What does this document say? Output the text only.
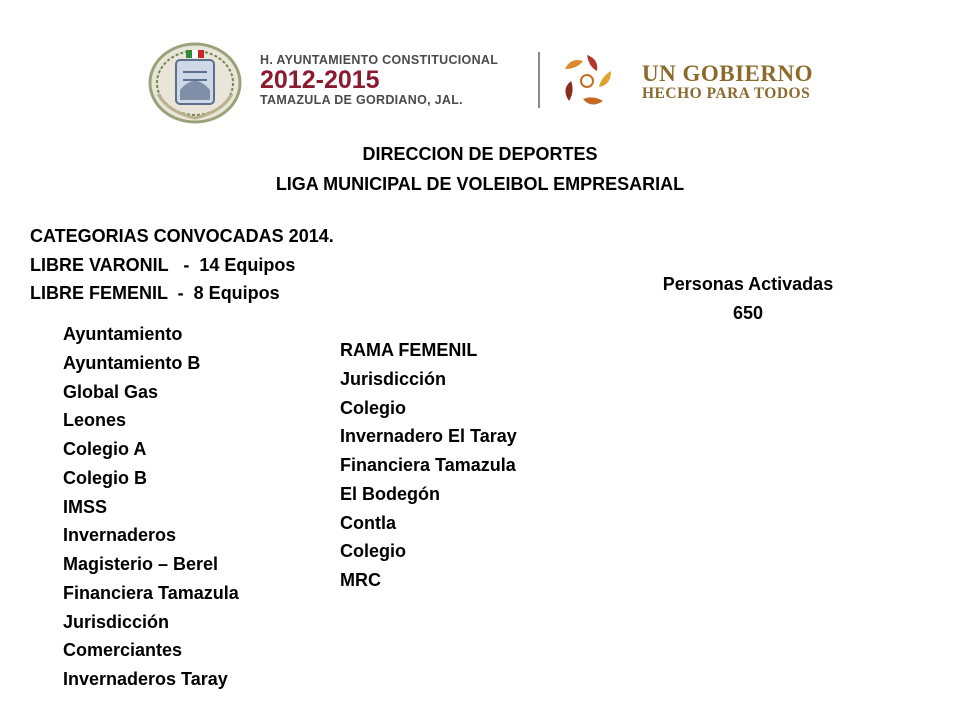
H. AYUNTAMIENTO CONSTITUCIONAL
2012-2015
TAMAZULA DE GORDIANO, JAL.
UN GOBIERNO
HECHO PARA TODOS
DIRECCION DE DEPORTES
LIGA MUNICIPAL DE VOLEIBOL EMPRESARIAL
CATEGORIAS CONVOCADAS 2014.
LIBRE VARONIL   -  14 Equipos
LIBRE FEMENIL  -  8 Equipos	Personas Activadas
650
Ayuntamiento
Ayuntamiento B
Global Gas
Leones
Colegio A
Colegio B
IMSS
Invernaderos
Magisterio – Berel
Financiera Tamazula
Jurisdicción
Comerciantes
Invernaderos Taray
RAMA FEMENIL
Jurisdicción
Colegio
Invernadero El Taray
Financiera Tamazula
El Bodegón
Contla
Colegio
MRC
